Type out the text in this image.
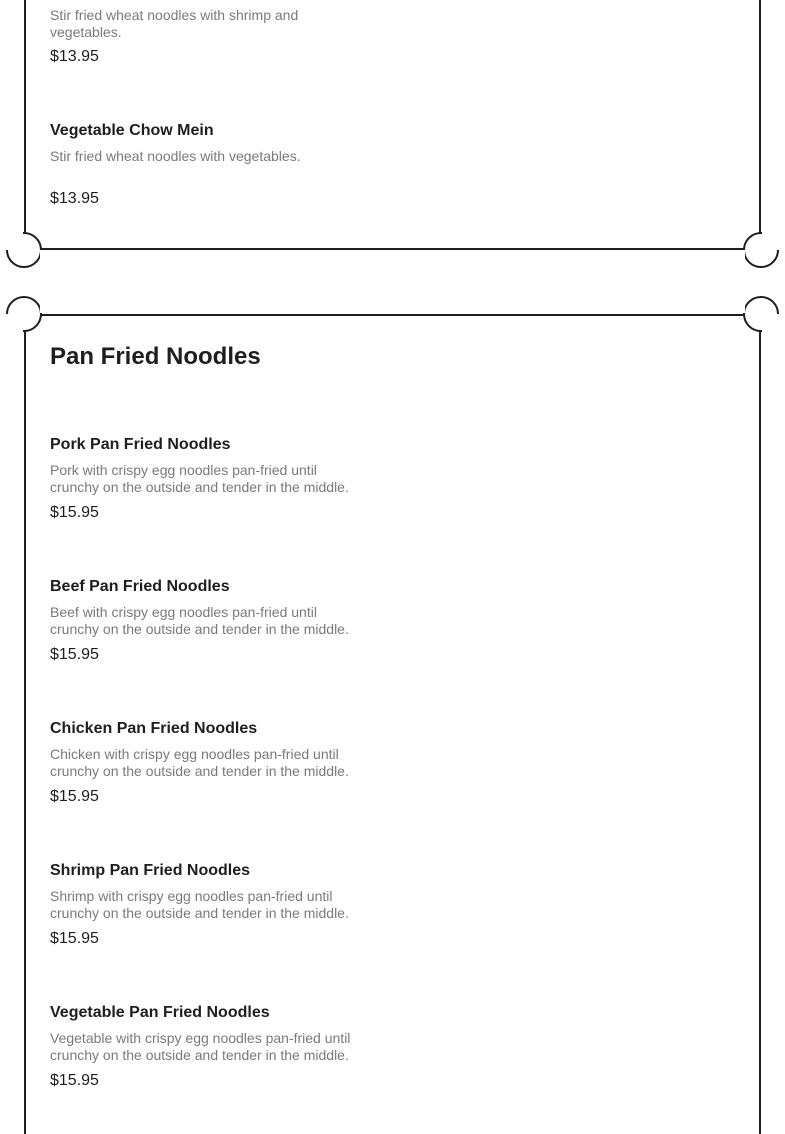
Stir fried wheat noodles with shrimp and vegetables.

$13.95

Vegetable Chow Mein

Stir fried wheat noodles with vegetables.

$13.95

Pan Fried Noodles

Pork Pan Fried Noodles

Pork with crispy egg noodles pan-fried until crunchy on the outside and tender in the middle.

$15.95

Beef Pan Fried Noodles

Beef with crispy egg noodles pan-fried until crunchy on the outside and tender in the middle.

$15.95

Chicken Pan Fried Noodles

Chicken with crispy egg noodles pan-fried until crunchy on the outside and tender in the middle.

$15.95

Shrimp Pan Fried Noodles

Shrimp with crispy egg noodles pan-fried until crunchy on the outside and tender in the middle.

$15.95

Vegetable Pan Fried Noodles

Vegetable with crispy egg noodles pan-fried until crunchy on the outside and tender in the middle.

$15.95
